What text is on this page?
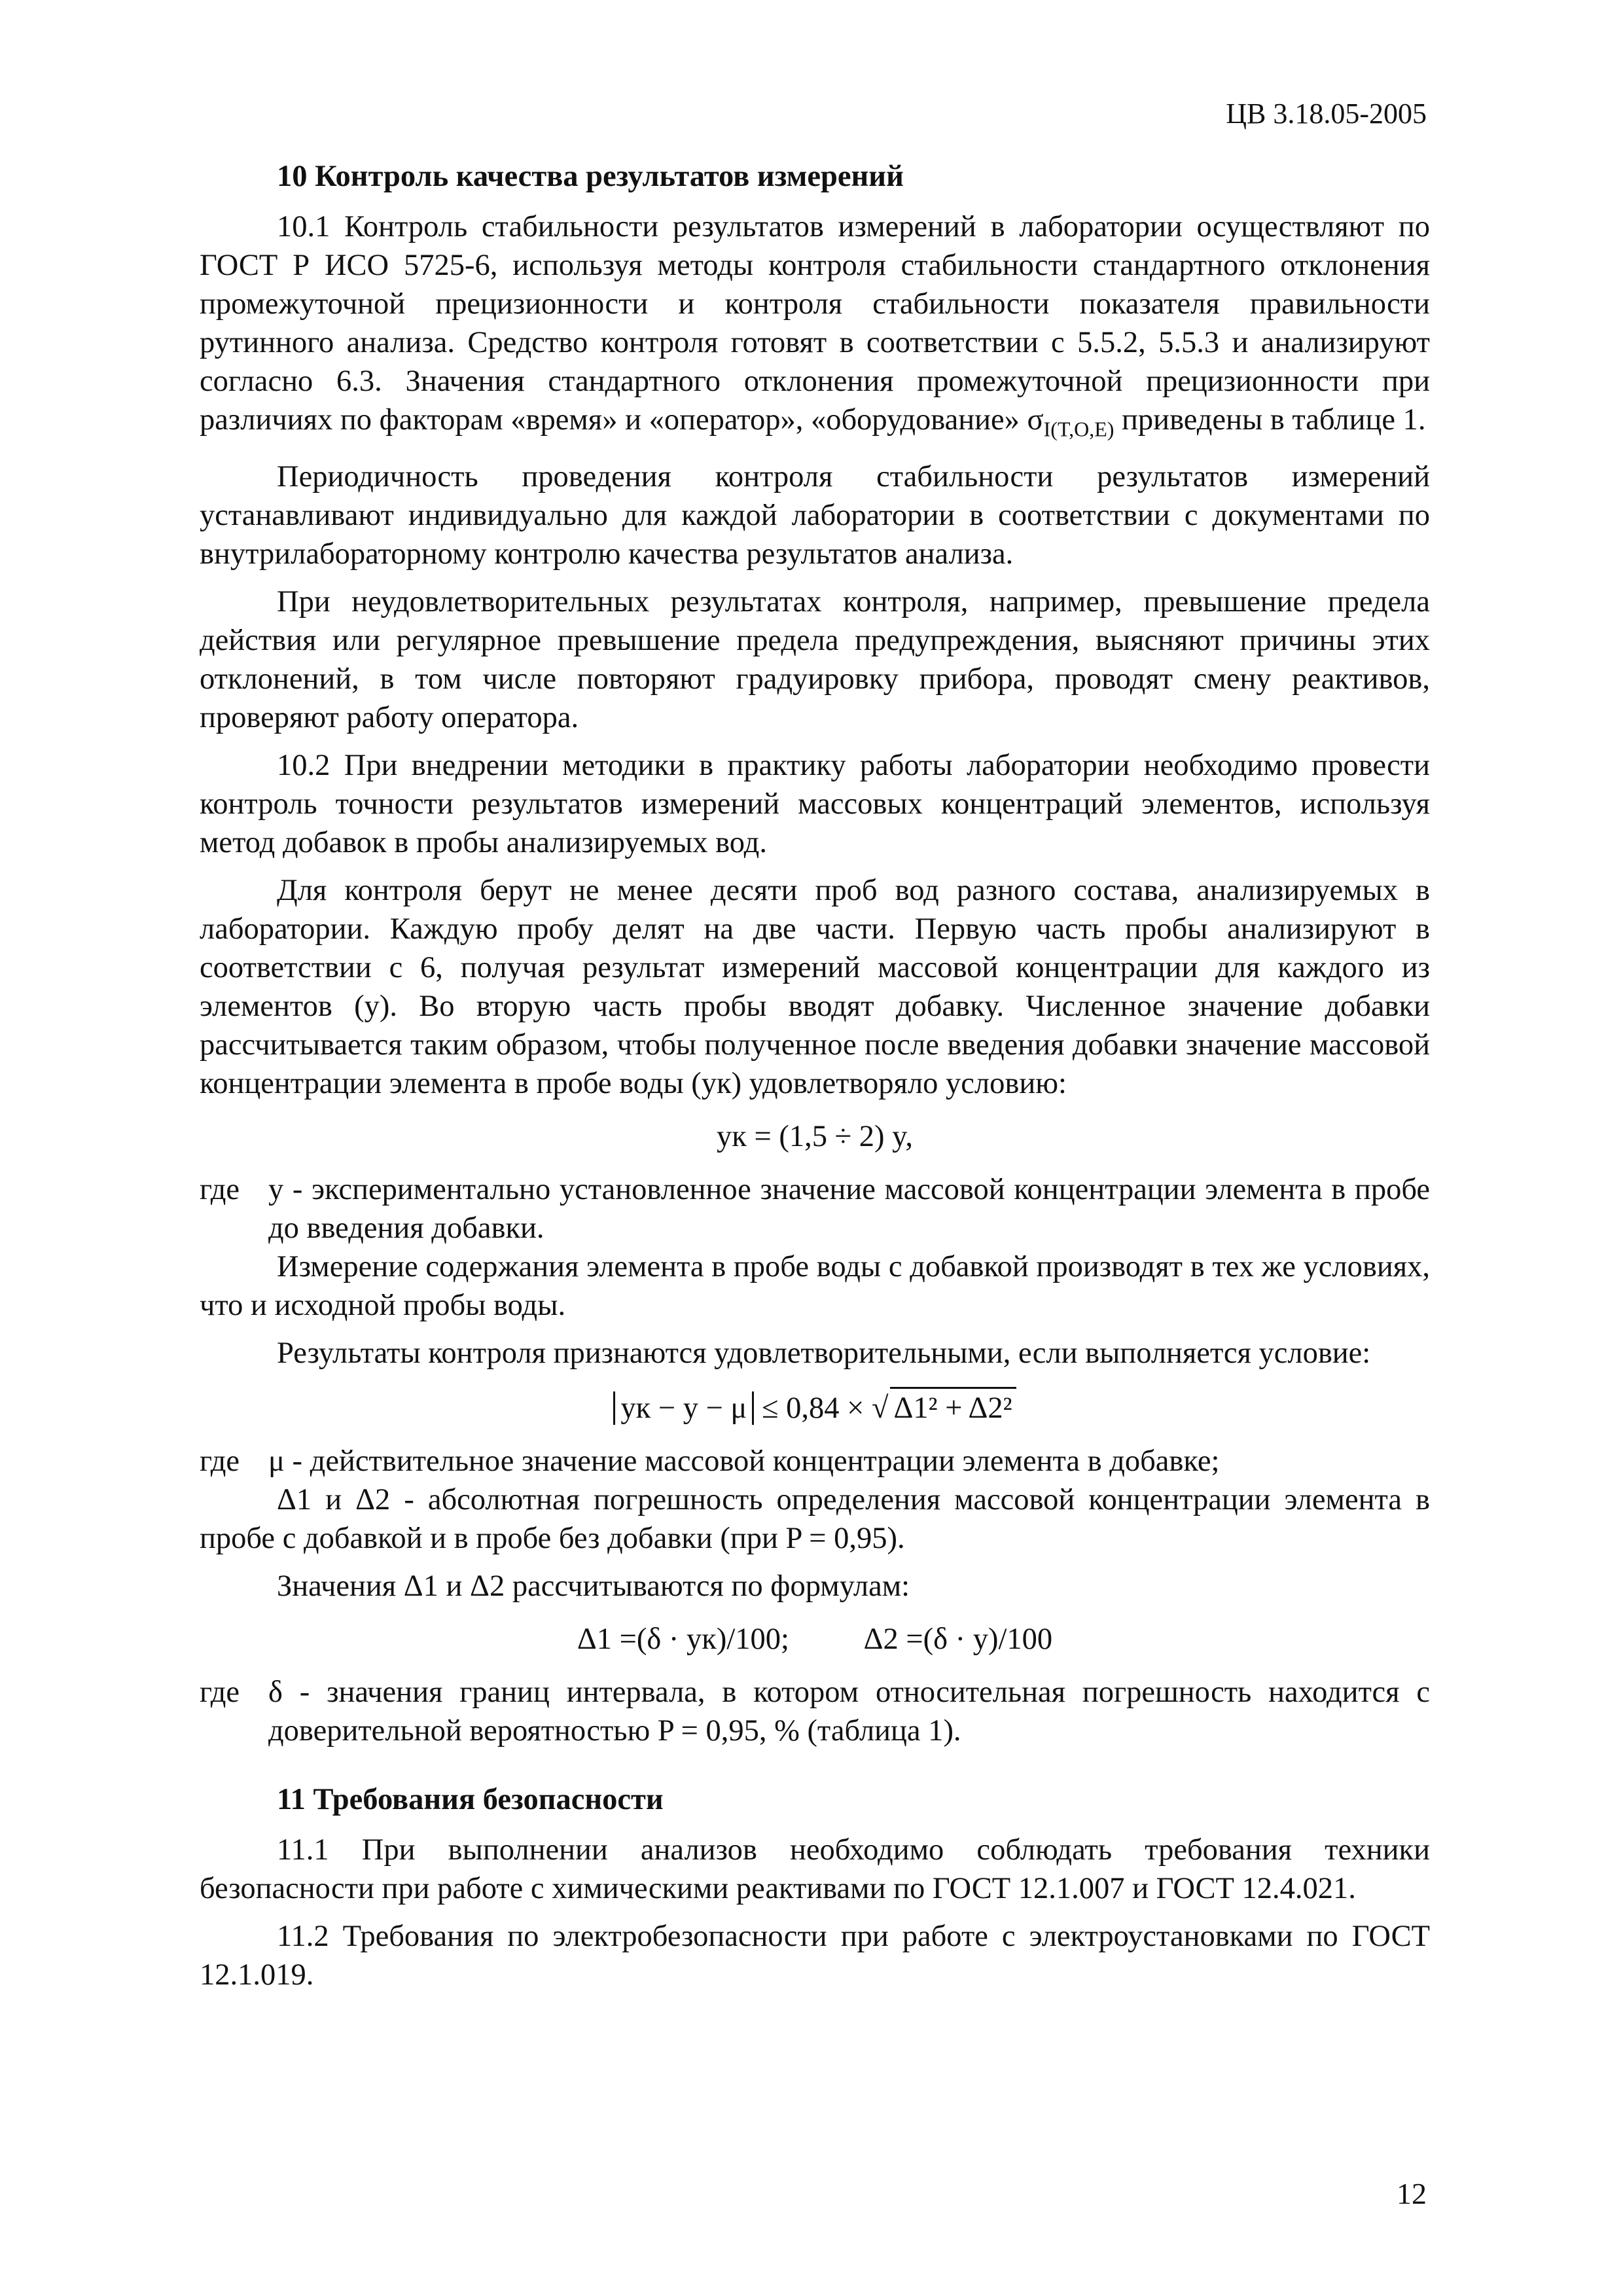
ЦВ 3.18.05-2005
10 Контроль качества результатов измерений

10.1 Контроль стабильности результатов измерений в лаборатории осуществляют по ГОСТ Р ИСО 5725-6, используя методы контроля стабильности стандартного отклонения промежуточной прецизионности и контроля стабильности показателя правильности рутинного анализа. Средство контроля готовят в соответствии с 5.5.2, 5.5.3 и анализируют согласно 6.3. Значения стандартного отклонения промежуточной прецизионности при различиях по факторам «время» и «оператор», «оборудование» $\sigma_{I(T,O,E)}$ приведены в таблице 1.

Периодичность проведения контроля стабильности результатов измерений устанавливают индивидуально для каждой лаборатории в соответствии с документами по внутрилабораторному контролю качества результатов анализа.

При неудовлетворительных результатах контроля, например, превышение предела действия или регулярное превышение предела предупреждения, выясняют причины этих отклонений, в том числе повторяют градуировку прибора, проводят смену реактивов, проверяют работу оператора.

10.2 При внедрении методики в практику работы лаборатории необходимо провести контроль точности результатов измерений массовых концентраций элементов, используя метод добавок в пробы анализируемых вод.

Для контроля берут не менее десяти проб вод разного состава, анализируемых в лаборатории. Каждую пробу делят на две части. Первую часть пробы анализируют в соответствии с 6, получая результат измерений массовой концентрации для каждого из элементов (y). Во вторую часть пробы вводят добавку. Численное значение добавки рассчитывается таким образом, чтобы полученное после введения добавки значение массовой концентрации элемента в пробе воды (yк) удовлетворяло условию:

yк = (1,5 ÷ 2) y,
где y - экспериментально установленное значение массовой концентрации элемента в пробе до введения добавки.

Измерение содержания элемента в пробе воды с добавкой производят в тех же условиях, что и исходной пробы воды.

Результаты контроля признаются удовлетворительными, если выполняется условие:

yк − y − μ ≤ 0,84 × √ Δ1² + Δ2²
где μ - действительное значение массовой концентрации элемента в добавке;

Δ1 и Δ2 - абсолютная погрешность определения массовой концентрации элемента в пробе с добавкой и в пробе без добавки (при P = 0,95).

Значения Δ1 и Δ2 рассчитываются по формулам:

Δ1 =(δ · yк)/100;          Δ2 =(δ · y)/100
где δ - значения границ интервала, в котором относительная погрешность находится с доверительной вероятностью P = 0,95, % (таблица 1).
11 Требования безопасности

11.1 При выполнении анализов необходимо соблюдать требования техники безопасности при работе с химическими реактивами по ГОСТ 12.1.007 и ГОСТ 12.4.021.

11.2 Требования по электробезопасности при работе с электроустановками по ГОСТ 12.1.019.

12
